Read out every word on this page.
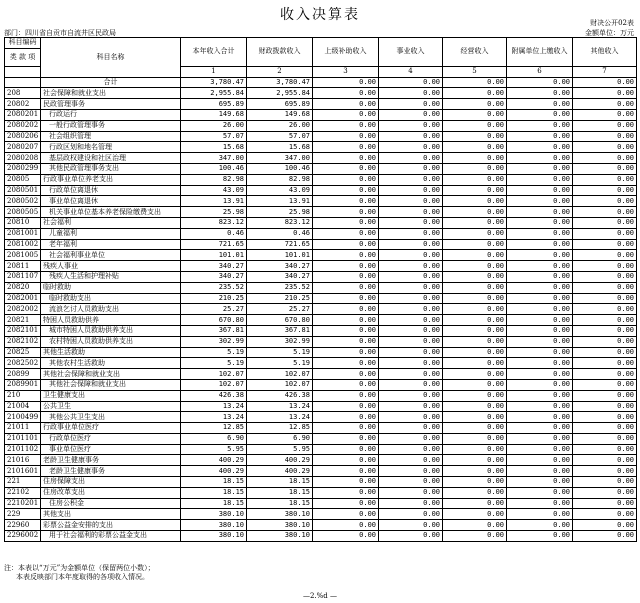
收入决算表	财决公开02表
部门：四川省自贡市自流井区民政局	金额单位：万元
科目编码	科目名称	本年收入合计	财政拨款收入	上级补助收入	事业收入	经营收入	附属单位上缴收入	其他收入
类 款 项								
		1	2	3	4	5	6	7
	合计	3,780.47	3,780.47	0.00	0.00	0.00	0.00	0.00
208	社会保障和就业支出	2,955.84	2,955.84	0.00	0.00	0.00	0.00	0.00
20802	民政管理事务	695.89	695.89	0.00	0.00	0.00	0.00	0.00
2080201	行政运行	149.68	149.68	0.00	0.00	0.00	0.00	0.00
2080202	一般行政管理事务	26.00	26.00	0.00	0.00	0.00	0.00	0.00
2080206	社会组织管理	57.07	57.07	0.00	0.00	0.00	0.00	0.00
2080207	行政区划和地名管理	15.68	15.68	0.00	0.00	0.00	0.00	0.00
2080208	基层政权建设和社区治理	347.00	347.00	0.00	0.00	0.00	0.00	0.00
2080299	其他民政管理事务支出	100.46	100.46	0.00	0.00	0.00	0.00	0.00
20805	行政事业单位养老支出	82.98	82.98	0.00	0.00	0.00	0.00	0.00
2080501	行政单位离退休	43.09	43.09	0.00	0.00	0.00	0.00	0.00
2080502	事业单位离退休	13.91	13.91	0.00	0.00	0.00	0.00	0.00
2080505	机关事业单位基本养老保险缴费支出	25.98	25.98	0.00	0.00	0.00	0.00	0.00
20810	社会福利	823.12	823.12	0.00	0.00	0.00	0.00	0.00
2081001	儿童福利	0.46	0.46	0.00	0.00	0.00	0.00	0.00
2081002	老年福利	721.65	721.65	0.00	0.00	0.00	0.00	0.00
2081005	社会福利事业单位	101.01	101.01	0.00	0.00	0.00	0.00	0.00
20811	残疾人事业	340.27	340.27	0.00	0.00	0.00	0.00	0.00
2081107	残疾人生活和护理补贴	340.27	340.27	0.00	0.00	0.00	0.00	0.00
20820	临时救助	235.52	235.52	0.00	0.00	0.00	0.00	0.00
2082001	临时救助支出	210.25	210.25	0.00	0.00	0.00	0.00	0.00
2082002	流浪乞讨人员救助支出	25.27	25.27	0.00	0.00	0.00	0.00	0.00
20821	特困人员救助供养	670.80	670.80	0.00	0.00	0.00	0.00	0.00
2082101	城市特困人员救助供养支出	367.81	367.81	0.00	0.00	0.00	0.00	0.00
2082102	农村特困人员救助供养支出	302.99	302.99	0.00	0.00	0.00	0.00	0.00
20825	其他生活救助	5.19	5.19	0.00	0.00	0.00	0.00	0.00
2082502	其他农村生活救助	5.19	5.19	0.00	0.00	0.00	0.00	0.00
20899	其他社会保障和就业支出	102.07	102.07	0.00	0.00	0.00	0.00	0.00
2089901	其他社会保障和就业支出	102.07	102.07	0.00	0.00	0.00	0.00	0.00
210	卫生健康支出	426.38	426.38	0.00	0.00	0.00	0.00	0.00
21004	公共卫生	13.24	13.24	0.00	0.00	0.00	0.00	0.00
2100499	其他公共卫生支出	13.24	13.24	0.00	0.00	0.00	0.00	0.00
21011	行政事业单位医疗	12.85	12.85	0.00	0.00	0.00	0.00	0.00
2101101	行政单位医疗	6.90	6.90	0.00	0.00	0.00	0.00	0.00
2101102	事业单位医疗	5.95	5.95	0.00	0.00	0.00	0.00	0.00
21016	老龄卫生健康事务	400.29	400.29	0.00	0.00	0.00	0.00	0.00
2101601	老龄卫生健康事务	400.29	400.29	0.00	0.00	0.00	0.00	0.00
221	住房保障支出	18.15	18.15	0.00	0.00	0.00	0.00	0.00
22102	住房改革支出	18.15	18.15	0.00	0.00	0.00	0.00	0.00
2210201	住房公积金	18.15	18.15	0.00	0.00	0.00	0.00	0.00
229	其他支出	380.10	380.10	0.00	0.00	0.00	0.00	0.00
22960	彩票公益金安排的支出	380.10	380.10	0.00	0.00	0.00	0.00	0.00
2296002	用于社会福利的彩票公益金支出	380.10	380.10	0.00	0.00	0.00	0.00	0.00
注：本表以“万元”为金额单位（保留两位小数）；
本表反映部门本年度取得的各项收入情况。
—2.%d —
